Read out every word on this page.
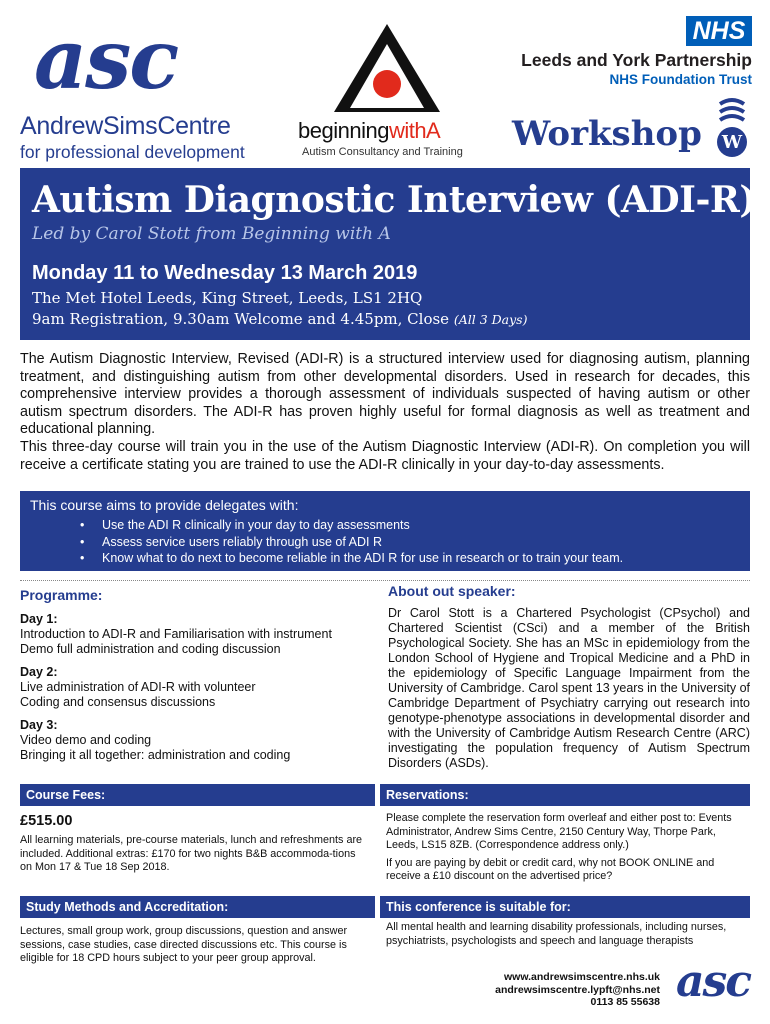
asc
AndrewSimsCentre
for professional development
beginningwithA
Autism Consultancy and Training
NHS
Leeds and York Partnership
NHS Foundation Trust
Workshop W
Autism Diagnostic Interview (ADI-R)
Led by Carol Stott from Beginning with A
Monday 11 to Wednesday 13 March 2019
The Met Hotel Leeds, King Street, Leeds, LS1 2HQ
9am Registration, 9.30am Welcome and 4.45pm, Close (All 3 Days)

The Autism Diagnostic Interview, Revised (ADI-R) is a structured interview used for diagnosing autism, planning treatment, and distinguishing autism from other developmental disorders. Used in research for decades, this comprehensive interview provides a thorough assessment of individuals suspected of having autism or other autism spectrum disorders. The ADI-R has proven highly useful for formal diagnosis as well as treatment and educational planning.

This three-day course will train you in the use of the Autism Diagnostic Interview (ADI-R). On completion you will receive a certificate stating you are trained to use the ADI-R clinically in your day-to-day assessments.

This course aims to provide delegates with:
• Use the ADI R clinically in your day to day assessments
• Assess service users reliably through use of ADI R
• Know what to do next to become reliable in the ADI R for use in research or to train your team.
Programme:
Day 1:
Introduction to ADI-R and Familiarisation with instrument
Demo full administration and coding discussion
Day 2:
Live administration of ADI-R with volunteer
Coding and consensus discussions
Day 3:
Video demo and coding
Bringing it all together: administration and coding
About out speaker:
Dr Carol Stott is a Chartered Psychologist (CPsychol) and Chartered Scientist (CSci) and a member of the British Psychological Society. She has an MSc in epidemiology from the London School of Hygiene and Tropical Medicine and a PhD in the epidemiology of Specific Language Impairment from the University of Cambridge. Carol spent 13 years in the University of Cambridge Department of Psychiatry carrying out research into genotype-phenotype associations in developmental disorder and with the University of Cambridge Autism Research Centre (ARC) investigating the population frequency of Autism Spectrum Disorders (ASDs).
Course Fees:	Reservations:
£515.00
All learning materials, pre-course materials, lunch and refreshments are included. Additional extras: £170 for two nights B&B accommoda-tions on Mon 17 & Tue 18 Sep 2018.

Please complete the reservation form overleaf and either post to: Events Administrator, Andrew Sims Centre, 2150 Century Way, Thorpe Park, Leeds, LS15 8ZB. (Correspondence address only.)

If you are paying by debit or credit card, why not BOOK ONLINE and receive a £10 discount on the advertised price?

Study Methods and Accreditation:	This conference is suitable for:
Lectures, small group work, group discussions, question and answer sessions, case studies, case directed discussions etc. This course is eligible for 18 CPD hours subject to your peer group approval.
All mental health and learning disability professionals, including nurses, psychiatrists, psychologists and speech and language therapists
www.andrewsimscentre.nhs.uk
andrewsimscentre.lypft@nhs.net
0113 85 55638 asc
